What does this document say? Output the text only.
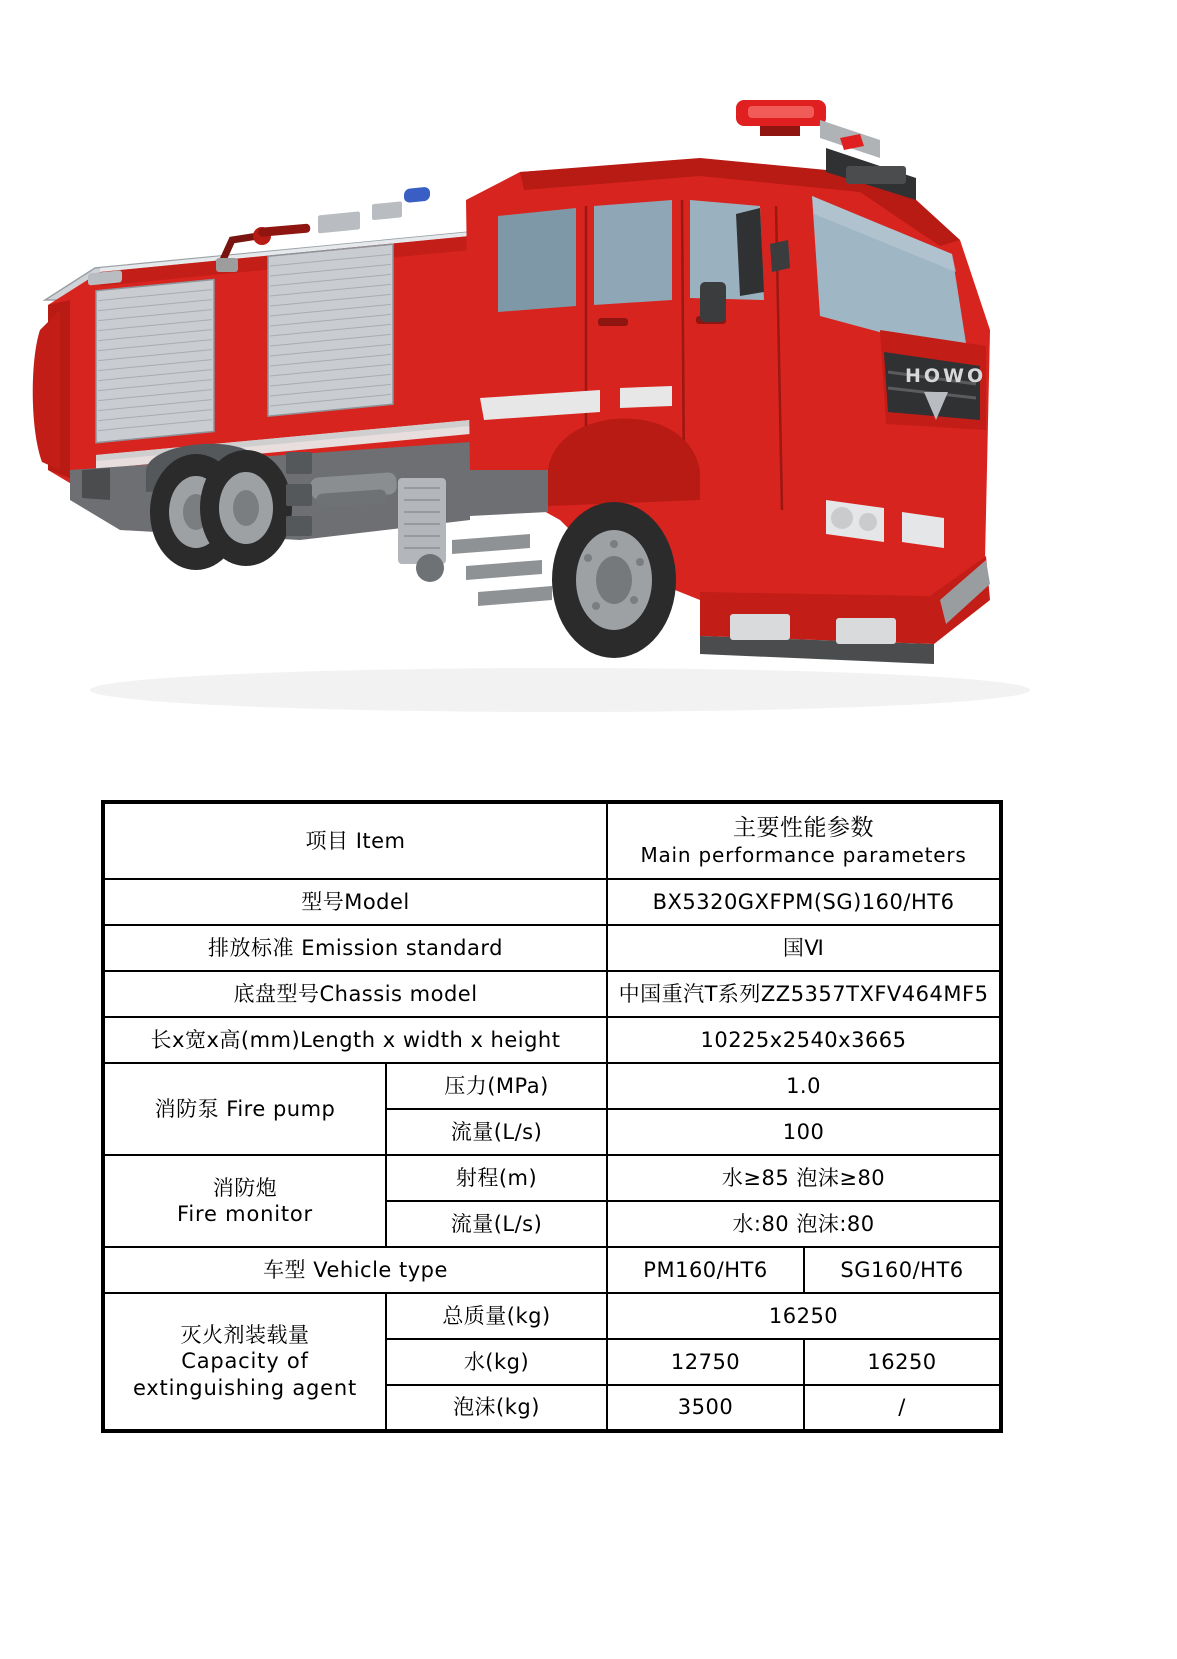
HOWO
项目 Item		主要性能参数
Main performance parameters	

型号Model		BX5320GXFPM(SG)160/HT6	
排放标准 Emission standard		国Ⅵ	
底盘型号Chassis model		中国重汽T系列ZZ5357TXFV464MF5	
长x宽x高(mm)Length x width x height		10225x2540x3665	
消防泵 Fire pump	压力(MPa)	1.0	
	流量(L/s)	100	

消防炮
Fire monitor	射程(m)	水≥85 泡沫≥80	
	流量(L/s)	水:80 泡沫:80	
车型 Vehicle type		PM160/HT6	SG160/HT6

灭火剂装载量
Capacity of
extinguishing agent	总质量(kg)	16250	
	水(kg)	12750	16250
	泡沫(kg)	3500	/
